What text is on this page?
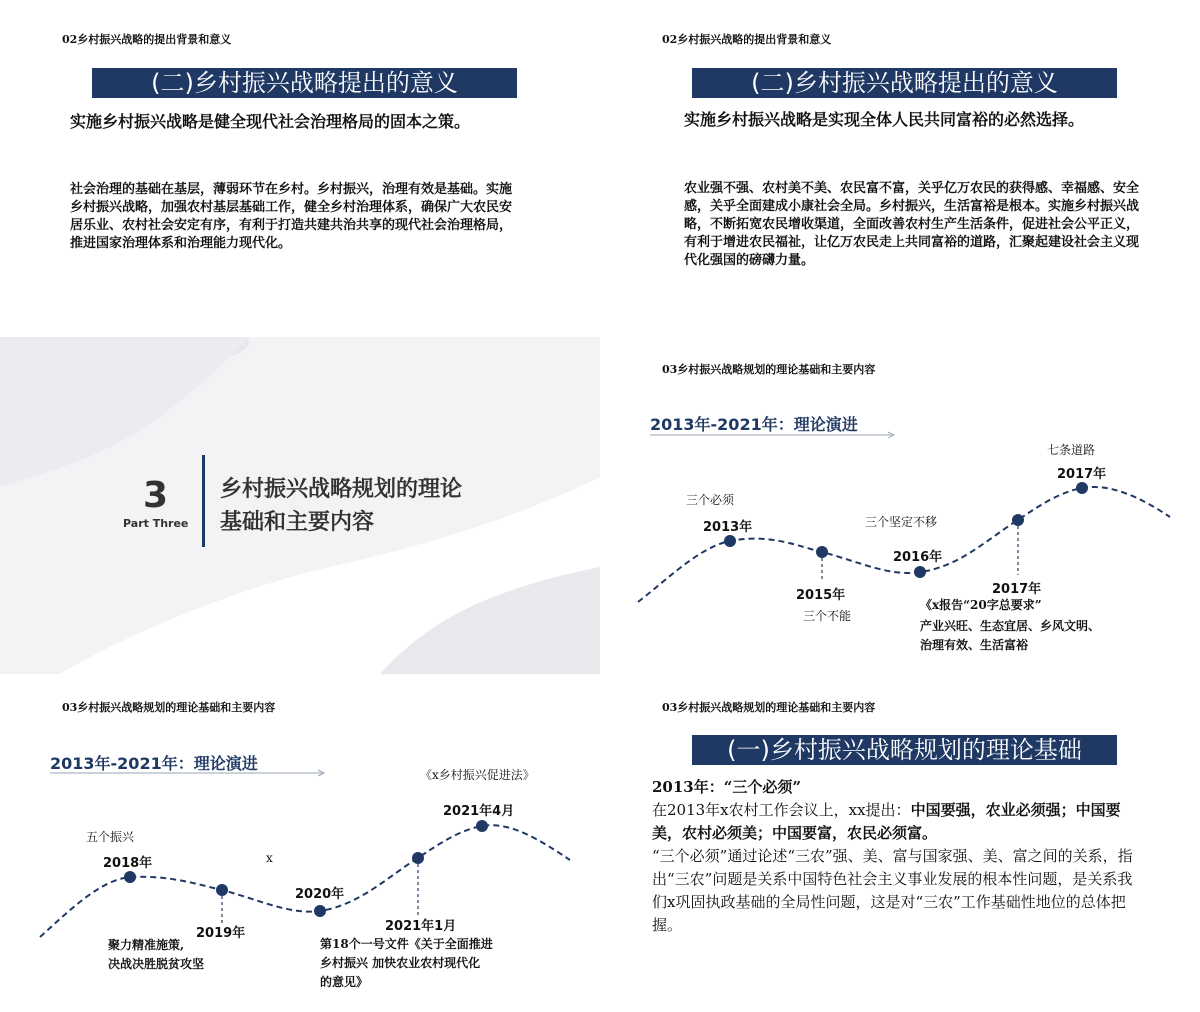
02乡村振兴战略的提出背景和意义
(二)乡村振兴战略提出的意义
实施乡村振兴战略是健全现代社会治理格局的固本之策。
社会治理的基础在基层，薄弱环节在乡村。乡村振兴，治理有效是基础。实施乡村振兴战略，加强农村基层基础工作，健全乡村治理体系，确保广大农民安居乐业、农村社会安定有序，有利于打造共建共治共享的现代社会治理格局，推进国家治理体系和治理能力现代化。
02乡村振兴战略的提出背景和意义
(二)乡村振兴战略提出的意义
实施乡村振兴战略是实现全体人民共同富裕的必然选择。
农业强不强、农村美不美、农民富不富，关乎亿万农民的获得感、幸福感、安全感，关乎全面建成小康社会全局。乡村振兴，生活富裕是根本。实施乡村振兴战略，不断拓宽农民增收渠道，全面改善农村生产生活条件，促进社会公平正义，有利于增进农民福祉，让亿万农民走上共同富裕的道路，汇聚起建设社会主义现代化强国的磅礴力量。
3
Part Three
乡村振兴战略规划的理论
基础和主要内容
03乡村振兴战略规划的理论基础和主要内容
2013年-2021年：理论演进
三个必须
2013年
2015年
三个不能
三个坚定不移
2016年
2017年
《x报告“20字总要求”
产业兴旺、生态宜居、乡风文明、
治理有效、生活富裕
七条道路
2017年
03乡村振兴战略规划的理论基础和主要内容
2013年-2021年：理论演进
五个振兴
2018年	x
2019年
聚力精准施策,
决战决胜脱贫攻坚
2020年
2021年1月
第18个一号文件《关于全面推进
乡村振兴 加快农业农村现代化
的意见》
《x乡村振兴促进法》
2021年4月
03乡村振兴战略规划的理论基础和主要内容
(一)乡村振兴战略规划的理论基础
2013年：“三个必须”
在2013年x农村工作会议上，xx提出：中国要强，农业必须强；中国要美，农村必须美；中国要富，农民必须富。
“三个必须”通过论述“三农”强、美、富与国家强、美、富之间的关系，指出“三农”问题是关系中国特色社会主义事业发展的根本性问题，是关系我们x巩固执政基础的全局性问题，这是对“三农”工作基础性地位的总体把握。
